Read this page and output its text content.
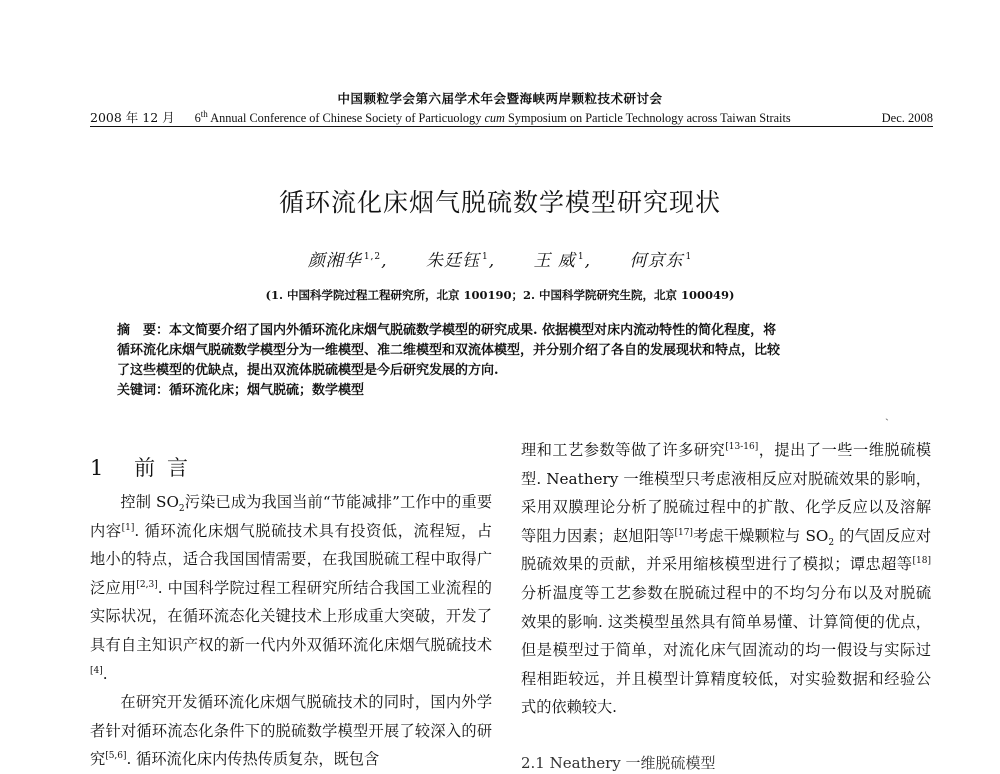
中国颗粒学会第六届学术年会暨海峡两岸颗粒技术研讨会
2008 年 12 月 6th Annual Conference of Chinese Society of Particuology cum Symposium on Particle Technology across Taiwan Straits	Dec. 2008
循环流化床烟气脱硫数学模型研究现状
颜湘华 $^{1,2}$, 朱廷钰 $^1$, 王 威 $^1$, 何京东 $^1$
(1. 中国科学院过程工程研究所，北京 100190；2. 中国科学院研究生院，北京 100049)

摘　要：本文简要介绍了国内外循环流化床烟气脱硫数学模型的研究成果. 依据模型对床内流动特性的简化程度，将

循环流化床烟气脱硫数学模型分为一维模型、准二维模型和双流体模型，并分别介绍了各自的发展现状和特点，比较

了这些模型的优缺点，提出双流体脱硫模型是今后研究发展的方向.

关键词：循环流化床；烟气脱硫；数学模型

ˏ
1 前言

控制 $SO_2$污染已成为我国当前“节能减排”工作中的重要内容[1]. 循环流化床烟气脱硫技术具有投资低，流程短，占地小的特点，适合我国国情需要，在我国脱硫工程中取得广泛应用[2,3]. 中国科学院过程工程研究所结合我国工业流程的实际状况，在循环流态化关键技术上形成重大突破，开发了具有自主知识产权的新一代内外双循环流化床烟气脱硫技术[4].

在研究开发循环流化床烟气脱硫技术的同时，国内外学者针对循环流态化条件下的脱硫数学模型开展了较深入的研究[5,6]. 循环流化床内传热传质复杂，既包含

理和工艺参数等做了许多研究[13-16]，提出了一些一维脱硫模型. Neathery 一维模型只考虑液相反应对脱硫效果的影响，采用双膜理论分析了脱硫过程中的扩散、化学反应以及溶解等阻力因素；赵旭阳等[17]考虑干燥颗粒与 $SO_2$ 的气固反应对脱硫效果的贡献，并采用缩核模型进行了模拟；谭忠超等[18]分析温度等工艺参数在脱硫过程中的不均匀分布以及对脱硫效果的影响. 这类模型虽然具有简单易懂、计算简便的优点，但是模型过于简单，对流化床气固流动的均一假设与实际过程相距较远，并且模型计算精度较低，对实验数据和经验公式的依赖较大.

2.1 Neathery 一维脱硫模型
